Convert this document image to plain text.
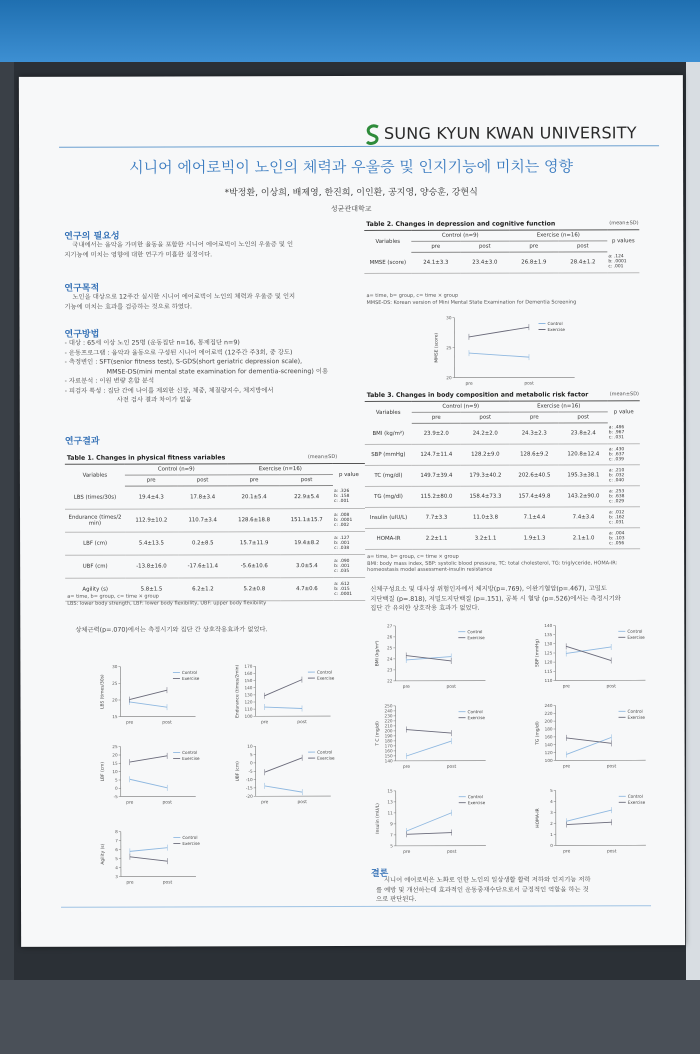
SUNG KYUN KWAN UNIVERSITY
시니어 에어로빅이 노인의 체력과 우울증 및 인지기능에 미치는 영향
*박정환, 이상희, 배제영, 한진희, 이인환, 공지영, 양승훈, 강현식
성균관대학교
연구의 필요성
국내에서는 음악을 가미한 율동을 포함한 시니어 에어로빅이 노인의 우울증 및 인
지기능에 미치는 영향에 대한 연구가 미흡한 실정이다.
연구목적
노인을 대상으로 12주간 실시한 시니어 에어로빅이 노인의 체력과 우울증 및 인지
기능에 미치는 효과를 검증하는 것으로 하였다.
연구방법
- 대상 : 65세 이상 노인 25명 (운동집단 n=16, 통제집단 n=9)
- 운동프로그램 : 음악과 율동으로 구성된 시니어 에어로빅 (12주간 주3회, 중 강도)
- 측정변인 : SFT(senior fitness test), S-GDS(short geriatric depression scale),
MMSE-DS(mini mental state examination for dementia-screening) 이용
- 자료분석 : 이원 변량 혼합 분석
- 피검자 특성 : 집단 간에 나이를 제외한 신장, 체중, 체질량지수, 체지방에서
사전 검사 결과 차이가 없음
연구결과
Table 1. Changes in physical fitness variables	(mean±SD)
Variables	Control (n=9)		Exercise (n=16)		p value
	pre	post	pre	post	
LBS (times/30s)	19.4±4.3	17.8±3.4	20.1±5.4	22.9±5.4	a: .326
b: .158
c: .001

Endurance (times/2 min)	112.9±10.2	110.7±3.4	128.6±18.8	151.1±15.7	a: .008
b: .0001
c: .002

LBF (cm)	5.4±13.5	0.2±8.5	15.7±11.9	19.4±8.2	a: .127
b: .001
c: .038

UBF (cm)	-13.8±16.0	-17.6±11.4	-5.6±10.6	3.0±5.4	a: .090
b: .001
c: .035

Agility (s)	5.8±1.5	6.2±1.2	5.2±0.8	4.7±0.6	a: .612
b: .015
c: .0001
a= time, b= group, c= time × group
LBS: lower body strength, LBF: lower body flexibility, UBF: upper body flexibility
상체근력(p=.070)에서는 측정시기와 집단 간 상호작용효과가 없었다.
15
20
25
30
LBS (times/30s)
pre	post
Control
Exercise
100
110
120
130
140
150
160
170
Endurance (times/2min)
pre	post
Control
Exercise
-5
0
5
10
15
20
25
LBF (cm)
pre	post
Control
Exercise
-20
-15
-10
-5
0
5
10
UBF (cm)
pre	post
Control
Exercise
3
4
5
6
7
8
Agility (s)
pre	post
Control
Exercise
Table 2. Changes in depression and cognitive function	(mean±SD)
Variables	Control (n=9)		Exercise (n=16)		p values
	pre	post	pre	post	
MMSE (score)	24.1±3.3	23.4±3.0	26.8±1.9	28.4±1.2	a: .124
b: .0001
c: .001
a= time, b= group, c= time × group
MMSE-DS: Korean version of Mini Mental State Examination for Dementia Screening
20
25
30
MMSE (score)
pre	post
Control
Exercise
Table 3. Changes in body composition and metabolic risk factor	(mean±SD)
Variables	Control (n=9)		Exercise (n=16)		p value
	pre	post	pre	post	
BMI (kg/m²)	23.9±2.0	24.2±2.0	24.3±2.3	23.8±2.4	a: .486
b: .967
c: .031

SBP (mmHg)	124.7±11.4	128.2±9.0	128.6±9.2	120.8±12.4	a: .430
b: .637
c: .039

TC (mg/dl)	149.7±39.4	179.3±40.2	202.6±40.5	195.3±38.1	a: .210
b: .032
c: .040

TG (mg/dl)	115.2±80.0	158.4±73.3	157.4±49.8	143.2±90.0	a: .253
b: .638
c: .029

Insulin (uIU/L)	7.7±3.3	11.0±3.8	7.1±4.4	7.4±3.4	a: .012
b: .162
c: .031

HOMA-IR	2.2±1.1	3.2±1.1	1.9±1.3	2.1±1.0	a: .004
b: .103
c: .056
a= time, b= group, c= time × group
BMI: body mass index, SBP: systolic blood pressure, TC: total cholesterol, TG: triglyceride, HOMA-IR:
homeostasis model assessment-insulin resistance
신체구성요소 및 대사성 위험인자에서 체지방(p=.769), 이완기혈압(p=.467), 고밀도
지단백질 (p=.818), 저밀도지단백질 (p=.151), 공복 시 혈당 (p=.526)에서는 측정시기와
집단 간 유의한 상호작용 효과가 없었다.
22
23
24
25
26
27
BMI (kg/m²)
pre	post
Control
Exercise
110
115
120
125
130
135
140
SBP (mmHg)
pre	post
Control
Exercise
140
150
160
170
180
190
200
210
220
230
240
250
T C (mg/dl)
pre	post
Control
Exercise
100
120
140
160
180
200
220
240
TG (mg/dl)
pre	post
Control
Exercise
5
7
9
11
13
15
Insulin (mU/L)
pre	post
Control
Exercise
0
1
2
3
4
5
HOMA-IR
pre	post
Control
Exercise
결론
시니어 에어로빅은 노화로 인한 노인의 일상생활 활력 저하와 인지기능 저하
를 예방 및 개선하는데 효과적인 운동중재수단으로서 긍정적인 역할을 하는 것
으로 판단된다.
